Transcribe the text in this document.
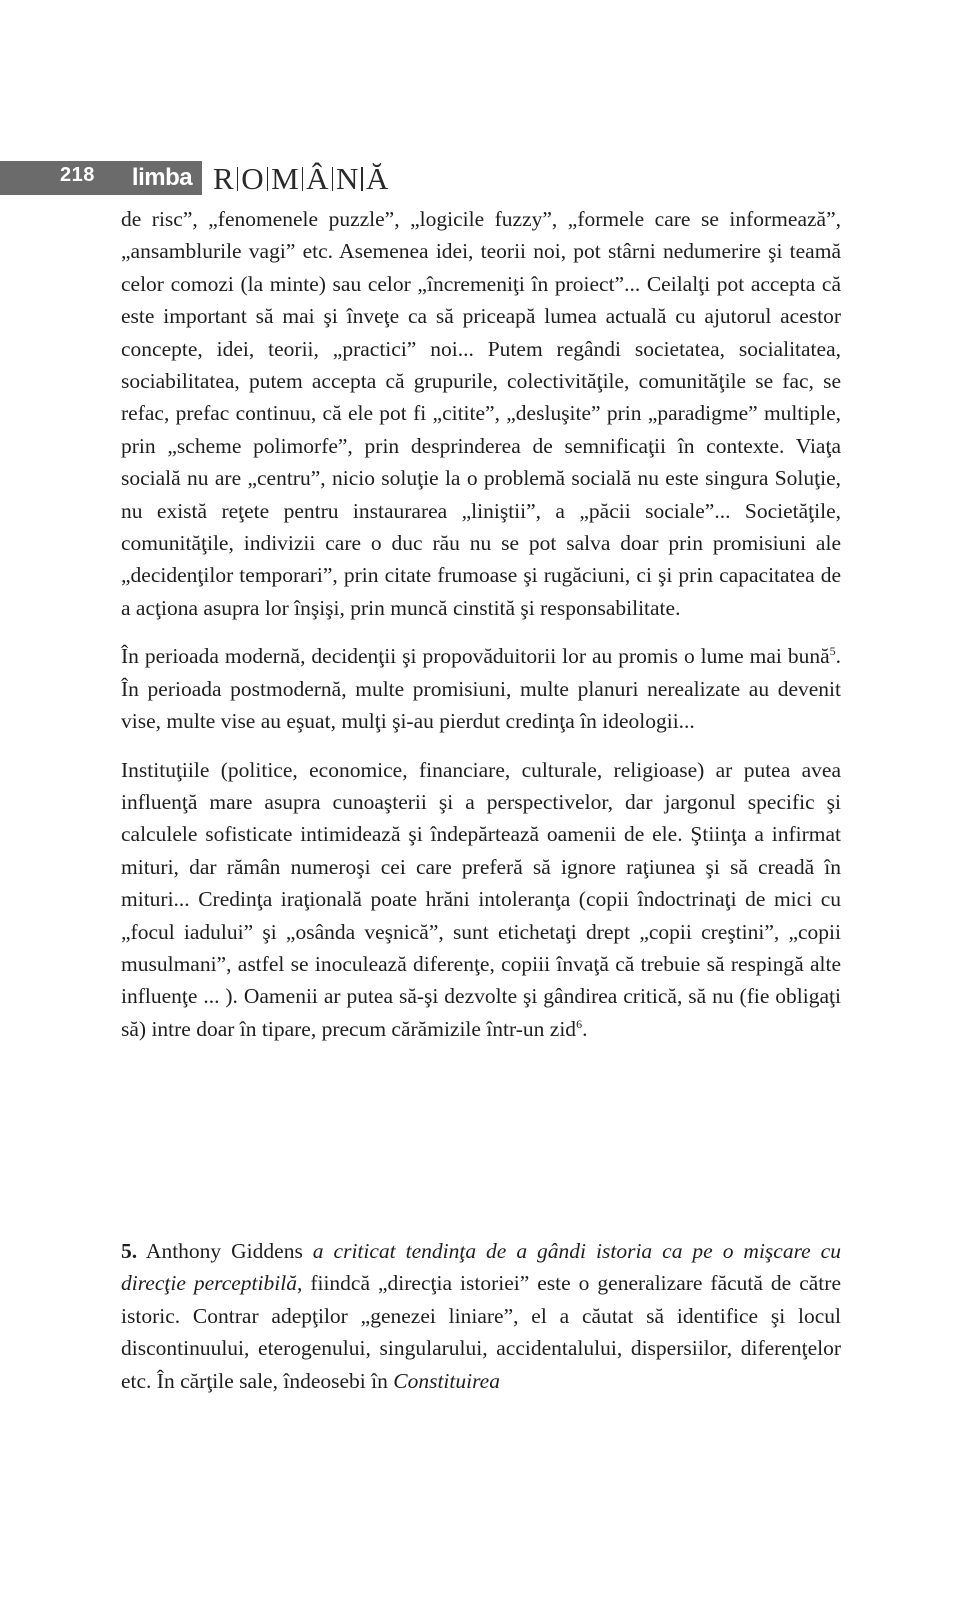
218 limba R O M Â N Ă

de risc”, „fenomenele puzzle”, „logicile fuzzy”, „formele care se informează”, „ansamblurile vagi” etc. Asemenea idei, teorii noi, pot stârni nedumerire şi teamă celor comozi (la minte) sau celor „încremeniţi în proiect”... Ceilalţi pot accepta că este important să mai şi înveţe ca să priceapă lumea actuală cu ajutorul acestor concepte, idei, teorii, „practici” noi... Putem regândi societatea, socialitatea, sociabilitatea, putem accepta că grupurile, colectivităţile, comunităţile se fac, se refac, prefac continuu, că ele pot fi „citite”, „desluşite” prin „paradigme” multiple, prin „scheme polimorfe”, prin desprinderea de semnificaţii în contexte. Viaţa socială nu are „centru”, nicio soluţie la o problemă socială nu este singura Soluţie, nu există reţete pentru instaurarea „liniştii”, a „păcii sociale”... Societăţile, comunităţile, indivizii care o duc rău nu se pot salva doar prin promisiuni ale „decidenţilor temporari”, prin citate frumoase şi rugăciuni, ci şi prin capacitatea de a acţiona asupra lor înşişi, prin muncă cinstită şi responsabilitate.

În perioada modernă, decidenţii şi propovăduitorii lor au promis o lume mai bună$^5$. În perioada postmodernă, multe promisiuni, multe planuri nerealizate au devenit vise, multe vise au eşuat, mulţi şi-au pierdut credinţa în ideologii...

Instituţiile (politice, economice, financiare, culturale, religioase) ar putea avea influenţă mare asupra cunoaşterii şi a perspectivelor, dar jargonul specific şi calculele sofisticate intimidează şi îndepărtează oamenii de ele. Ştiinţa a infirmat mituri, dar rămân numeroşi cei care preferă să ignore raţiunea şi să creadă în mituri... Credinţa iraţională poate hrăni intoleranţa (copii îndoctrinaţi de mici cu „focul iadului” şi „osânda veşnică”, sunt etichetaţi drept „copii creştini”, „copii musulmani”, astfel se inoculează diferenţe, copiii învaţă că trebuie să respingă alte influenţe ... ). Oamenii ar putea să-şi dezvolte şi gândirea critică, să nu (fie obligaţi să) intre doar în tipare, precum cărămizile într-un zid$^6$.

5. Anthony Giddens a criticat tendinţa de a gândi istoria ca pe o mişcare cu direcţie perceptibilă, fiindcă „direcţia istoriei” este o generalizare făcută de către istoric. Contrar adepţilor „genezei liniare”, el a căutat să identifice şi locul discontinuului, eterogenului, singularului, accidentalului, dispersiilor, diferenţelor etc. În cărţile sale, îndeosebi în Constituirea
